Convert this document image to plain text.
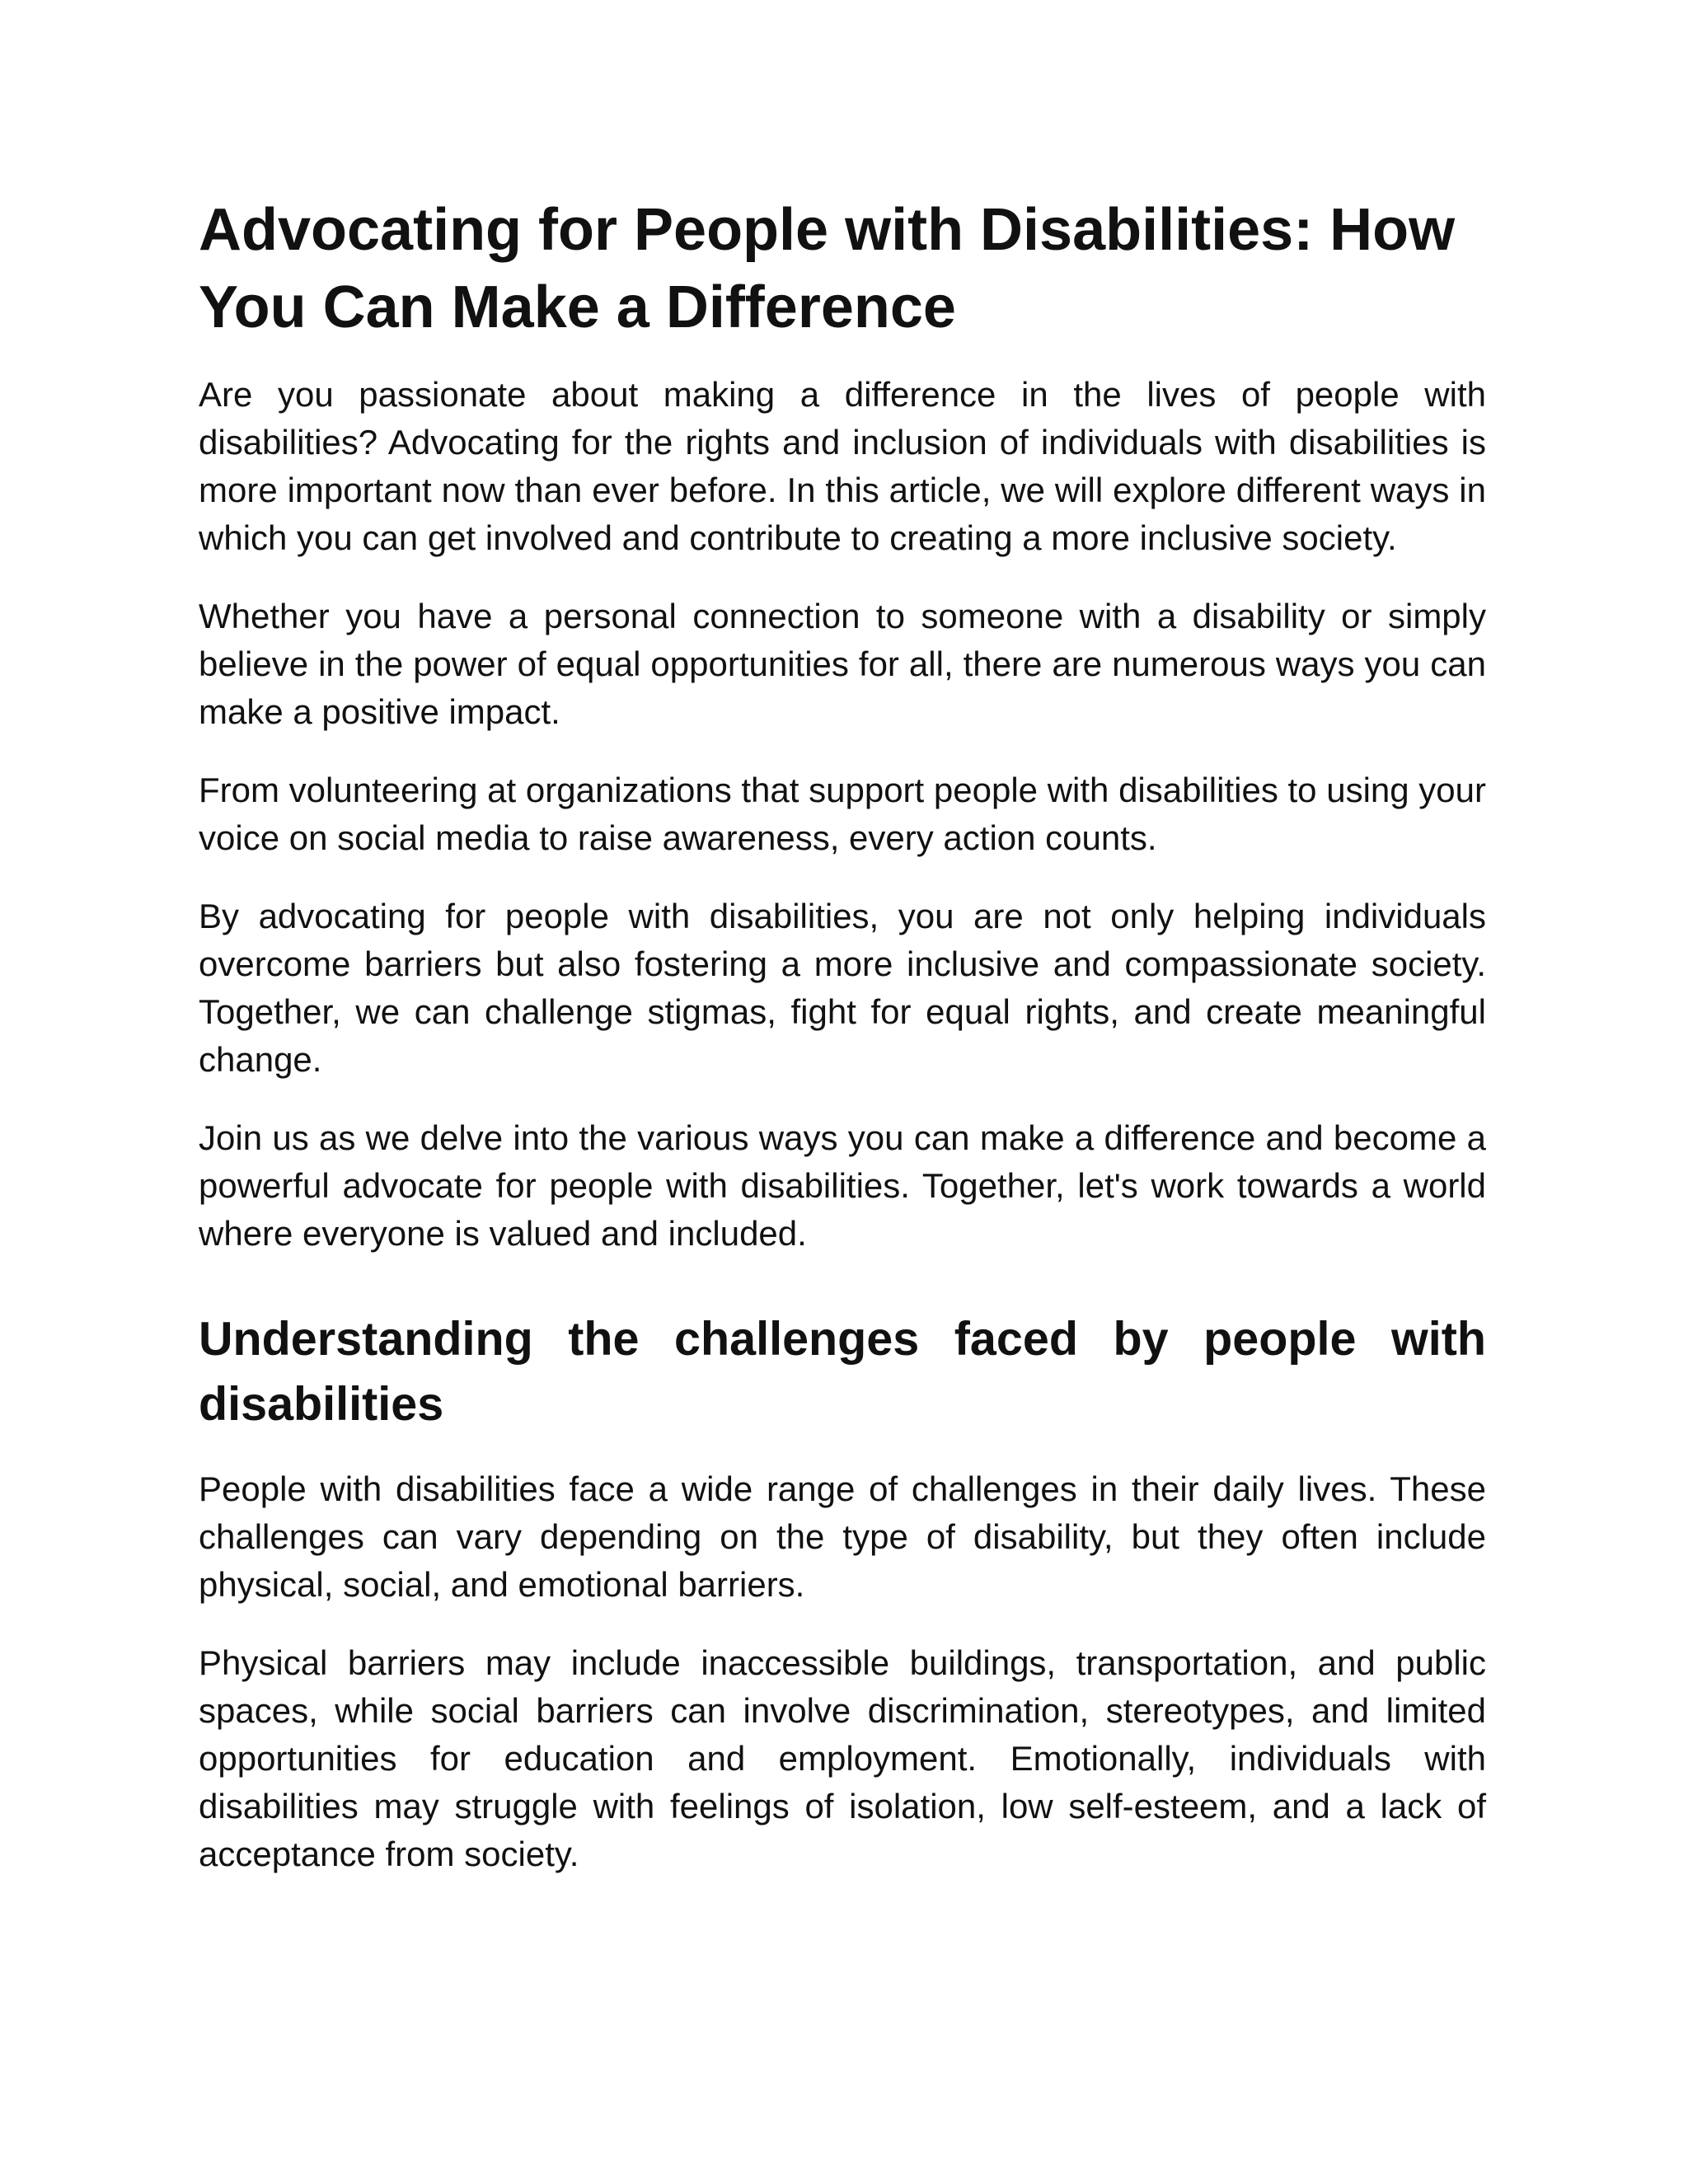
Advocating for People with Disabilities: How You Can Make a Difference

Are you passionate about making a difference in the lives of people with disabilities? Advocating for the rights and inclusion of individuals with disabilities is more important now than ever before. In this article, we will explore different ways in which you can get involved and contribute to creating a more inclusive society.

Whether you have a personal connection to someone with a disability or simply believe in the power of equal opportunities for all, there are numerous ways you can make a positive impact.

From volunteering at organizations that support people with disabilities to using your voice on social media to raise awareness, every action counts.

By advocating for people with disabilities, you are not only helping individuals overcome barriers but also fostering a more inclusive and compassionate society. Together, we can challenge stigmas, fight for equal rights, and create meaningful change.

Join us as we delve into the various ways you can make a difference and become a powerful advocate for people with disabilities. Together, let's work towards a world where everyone is valued and included.

Understanding the challenges faced by people with disabilities

People with disabilities face a wide range of challenges in their daily lives. These challenges can vary depending on the type of disability, but they often include physical, social, and emotional barriers.

Physical barriers may include inaccessible buildings, transportation, and public spaces, while social barriers can involve discrimination, stereotypes, and limited opportunities for education and employment. Emotionally, individuals with disabilities may struggle with feelings of isolation, low self-esteem, and a lack of acceptance from society.
